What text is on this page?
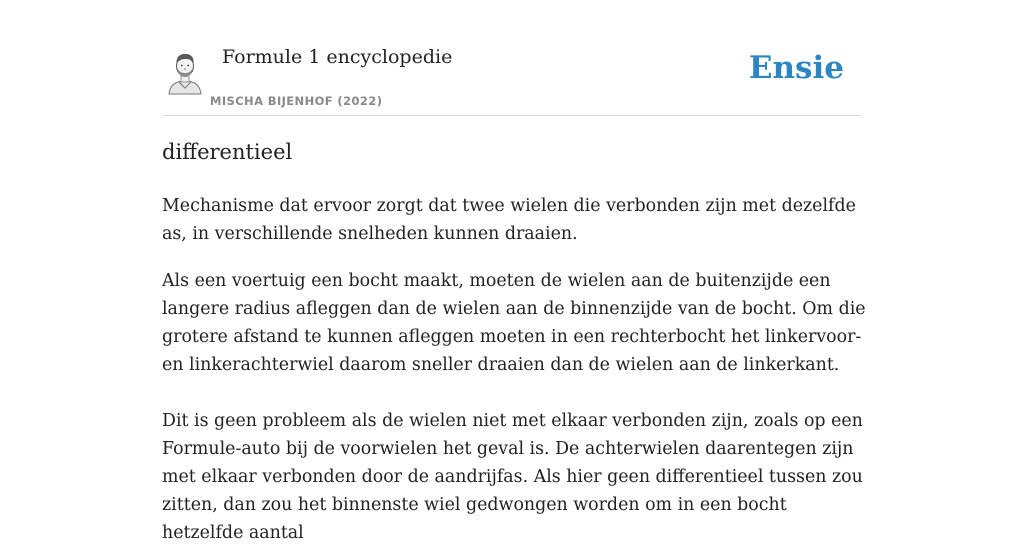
Formule 1 encyclopedie
MISCHA BIJENHOF (2022)
Ensie
differentieel

Mechanisme dat ervoor zorgt dat twee wielen die verbonden zijn met dezelfde as, in verschillende snelheden kunnen draaien.

Als een voertuig een bocht maakt, moeten de wielen aan de buitenzijde een langere radius afleggen dan de wielen aan de binnenzijde van de bocht. Om die grotere afstand te kunnen afleggen moeten in een rechterbocht het linkervoor- en linkerachterwiel daarom sneller draaien dan de wielen aan de linkerkant.

Dit is geen probleem als de wielen niet met elkaar verbonden zijn, zoals op een Formule-auto bij de voorwielen het geval is. De achterwielen daarentegen zijn met elkaar verbonden door de aandrijfas. Als hier geen differentieel tussen zou zitten, dan zou het binnenste wiel gedwongen worden om in een bocht hetzelfde aantal
